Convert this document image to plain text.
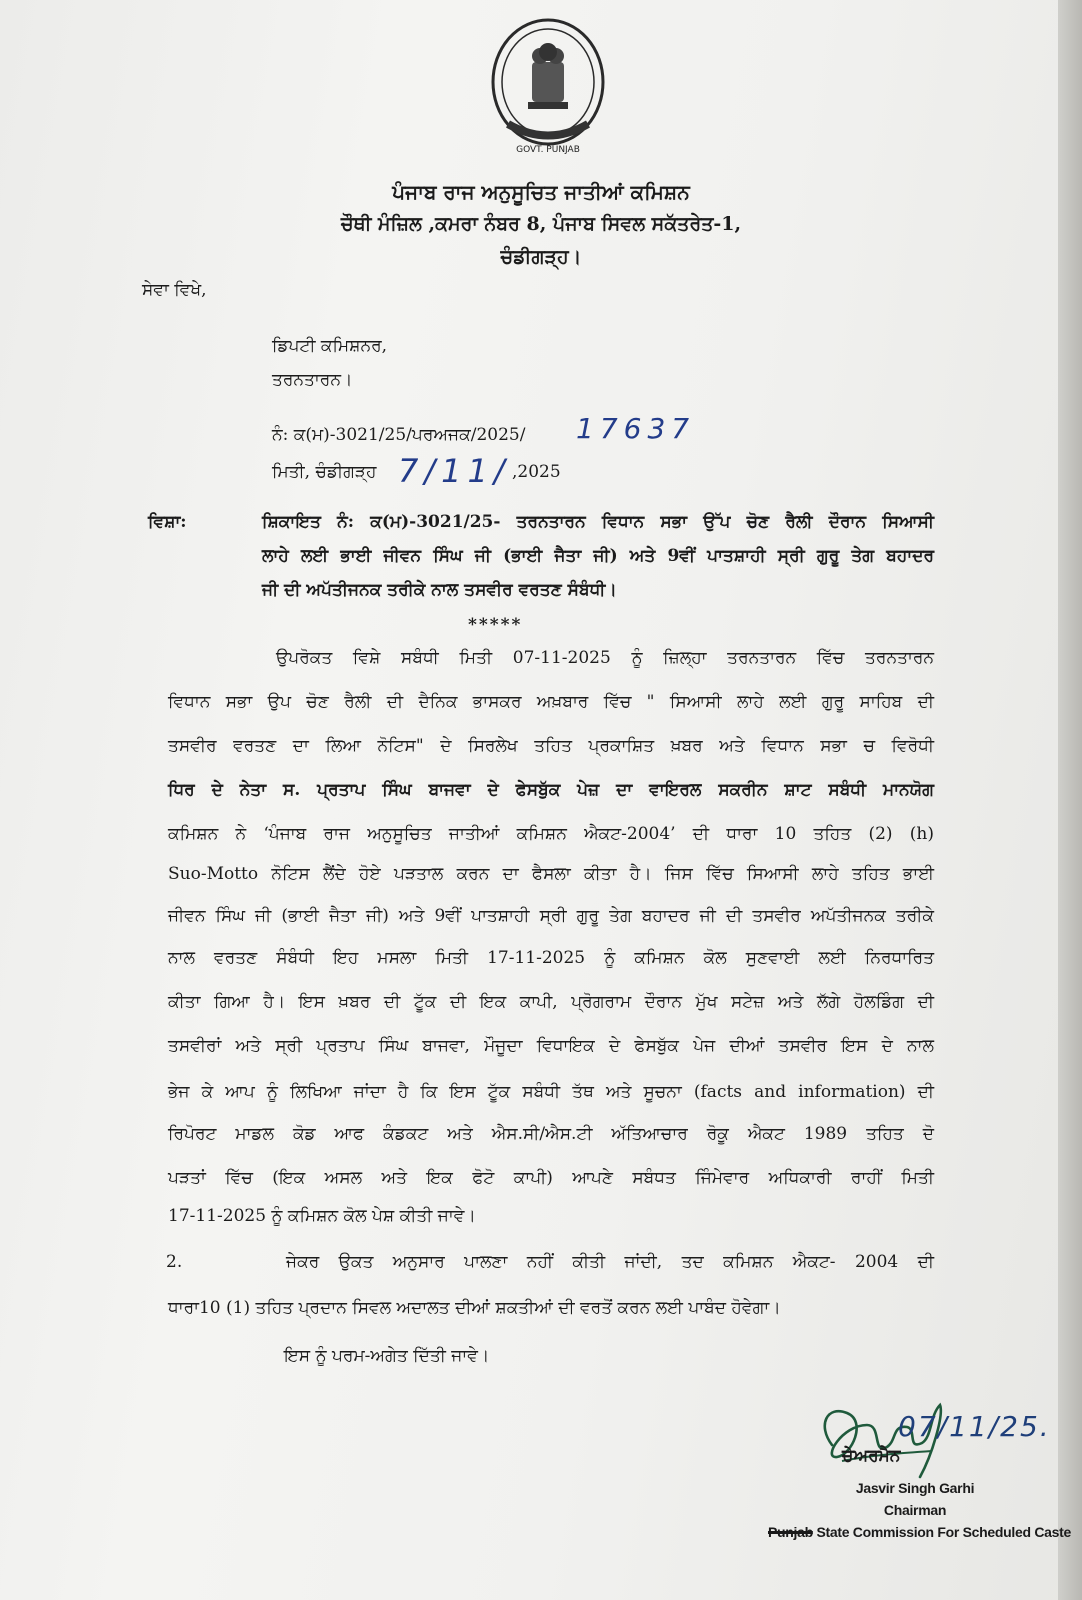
GOVT. PUNJAB
ਪੰਜਾਬ ਰਾਜ ਅਨੁਸੂਚਿਤ ਜਾਤੀਆਂ ਕਮਿਸ਼ਨ
ਚੌਥੀ ਮੰਜ਼ਿਲ ,ਕਮਰਾ ਨੰਬਰ 8, ਪੰਜਾਬ ਸਿਵਲ ਸਕੱਤਰੇਤ-1,
ਚੰਡੀਗੜ੍ਹ।
ਸੇਵਾ ਵਿਖੇ,
ਡਿਪਟੀ ਕਮਿਸ਼ਨਰ,
ਤਰਨਤਾਰਨ।
ਨੰ: ਕ(ਮ)-3021/25/ਪਰਅਜਕ/2025/ 17637
ਮਿਤੀ, ਚੰਡੀਗੜ੍ਹ 7/11/ ,2025
ਵਿਸ਼ਾ:	ਸ਼ਿਕਾਇਤ ਨੰ: ਕ(ਮ)-3021/25- ਤਰਨਤਾਰਨ ਵਿਧਾਨ ਸਭਾ ਉੱਪ ਚੋਣ ਰੈਲੀ ਦੌਰਾਨ ਸਿਆਸੀ
ਲਾਹੇ ਲਈ ਭਾਈ ਜੀਵਨ ਸਿੰਘ ਜੀ (ਭਾਈ ਜੈਤਾ ਜੀ) ਅਤੇ 9ਵੀਂ ਪਾਤਸ਼ਾਹੀ ਸ੍ਰੀ ਗੁਰੂ ਤੇਗ ਬਹਾਦਰ
ਜੀ ਦੀ ਅਪੱਤੀਜਨਕ ਤਰੀਕੇ ਨਾਲ ਤਸਵੀਰ ਵਰਤਣ ਸੰਬੰਧੀ।
*****
ਉਪਰੋਕਤ ਵਿਸ਼ੇ ਸਬੰਧੀ ਮਿਤੀ 07-11-2025 ਨੂੰ ਜ਼ਿਲ੍ਹਾ ਤਰਨਤਾਰਨ ਵਿੱਚ ਤਰਨਤਾਰਨ
ਵਿਧਾਨ ਸਭਾ ਉਪ ਚੋਣ ਰੈਲੀ ਦੀ ਦੈਨਿਕ ਭਾਸਕਰ ਅਖ਼ਬਾਰ ਵਿੱਚ " ਸਿਆਸੀ ਲਾਹੇ ਲਈ ਗੁਰੂ ਸਾਹਿਬ ਦੀ
ਤਸਵੀਰ ਵਰਤਣ ਦਾ ਲਿਆ ਨੋਟਿਸ" ਦੇ ਸਿਰਲੇਖ ਤਹਿਤ ਪ੍ਰਕਾਸ਼ਿਤ ਖ਼ਬਰ ਅਤੇ ਵਿਧਾਨ ਸਭਾ ਚ ਵਿਰੋਧੀ
ਧਿਰ ਦੇ ਨੇਤਾ ਸ. ਪ੍ਰਤਾਪ ਸਿੰਘ ਬਾਜਵਾ ਦੇ ਫੇਸਬੁੱਕ ਪੇਜ਼ ਦਾ ਵਾਇਰਲ ਸਕਰੀਨ ਸ਼ਾਟ ਸਬੰਧੀ ਮਾਨਯੋਗ
ਕਮਿਸ਼ਨ ਨੇ ‘ਪੰਜਾਬ ਰਾਜ ਅਨੁਸੂਚਿਤ ਜਾਤੀਆਂ ਕਮਿਸ਼ਨ ਐਕਟ-2004’ ਦੀ ਧਾਰਾ 10 ਤਹਿਤ (2) (h)
Suo-Motto ਨੋਟਿਸ ਲੈਂਦੇ ਹੋਏ ਪੜਤਾਲ ਕਰਨ ਦਾ ਫੈਸਲਾ ਕੀਤਾ ਹੈ। ਜਿਸ ਵਿੱਚ ਸਿਆਸੀ ਲਾਹੇ ਤਹਿਤ ਭਾਈ
ਜੀਵਨ ਸਿੰਘ ਜੀ (ਭਾਈ ਜੈਤਾ ਜੀ) ਅਤੇ 9ਵੀਂ ਪਾਤਸ਼ਾਹੀ ਸ੍ਰੀ ਗੁਰੂ ਤੇਗ ਬਹਾਦਰ ਜੀ ਦੀ ਤਸਵੀਰ ਅਪੱਤੀਜਨਕ ਤਰੀਕੇ
ਨਾਲ ਵਰਤਣ ਸੰਬੰਧੀ ਇਹ ਮਸਲਾ ਮਿਤੀ 17-11-2025 ਨੂੰ ਕਮਿਸ਼ਨ ਕੋਲ ਸੁਣਵਾਈ ਲਈ ਨਿਰਧਾਰਿਤ
ਕੀਤਾ ਗਿਆ ਹੈ। ਇਸ ਖ਼ਬਰ ਦੀ ਟੂੱਕ ਦੀ ਇਕ ਕਾਪੀ, ਪ੍ਰੋਗਰਾਮ ਦੌਰਾਨ ਮੁੱਖ ਸਟੇਜ਼ ਅਤੇ ਲੱਗੇ ਹੋਲਡਿੰਗ ਦੀ
ਤਸਵੀਰਾਂ ਅਤੇ ਸ੍ਰੀ ਪ੍ਰਤਾਪ ਸਿੰਘ ਬਾਜਵਾ, ਮੌਜੂਦਾ ਵਿਧਾਇਕ ਦੇ ਫੇਸਬੁੱਕ ਪੇਜ ਦੀਆਂ ਤਸਵੀਰ ਇਸ ਦੇ ਨਾਲ
ਭੇਜ ਕੇ ਆਪ ਨੂੰ ਲਿਖਿਆ ਜਾਂਦਾ ਹੈ ਕਿ ਇਸ ਟੂੱਕ ਸਬੰਧੀ ਤੱਥ ਅਤੇ ਸੂਚਨਾ (facts and information) ਦੀ
ਰਿਪੋਰਟ ਮਾਡਲ ਕੋਡ ਆਫ ਕੰਡਕਟ ਅਤੇ ਐਸ.ਸੀ/ਐਸ.ਟੀ ਅੱਤਿਆਚਾਰ ਰੋਕੂ ਐਕਟ 1989 ਤਹਿਤ ਦੋ
ਪੜਤਾਂ ਵਿੱਚ (ਇਕ ਅਸਲ ਅਤੇ ਇਕ ਫੋਟੋ ਕਾਪੀ) ਆਪਣੇ ਸਬੰਧਤ ਜਿੰਮੇਵਾਰ ਅਧਿਕਾਰੀ ਰਾਹੀਂ ਮਿਤੀ
17-11-2025 ਨੂੰ ਕਮਿਸ਼ਨ ਕੋਲ ਪੇਸ਼ ਕੀਤੀ ਜਾਵੇ।
2.	ਜੇਕਰ ਉਕਤ ਅਨੁਸਾਰ ਪਾਲਣਾ ਨਹੀਂ ਕੀਤੀ ਜਾਂਦੀ, ਤਦ ਕਮਿਸ਼ਨ ਐਕਟ- 2004 ਦੀ
ਧਾਰਾ10 (1) ਤਹਿਤ ਪ੍ਰਦਾਨ ਸਿਵਲ ਅਦਾਲਤ ਦੀਆਂ ਸ਼ਕਤੀਆਂ ਦੀ ਵਰਤੋਂ ਕਰਨ ਲਈ ਪਾਬੰਦ ਹੋਵੇਗਾ।
ਇਸ ਨੂੰ ਪਰਮ-ਅਗੇਤ ਦਿੱਤੀ ਜਾਵੇ।
07/11/25.
ਚੇਅਰਮੈਨ
Jasvir Singh Garhi
Chairman
Punjab State Commission For Scheduled Caste
